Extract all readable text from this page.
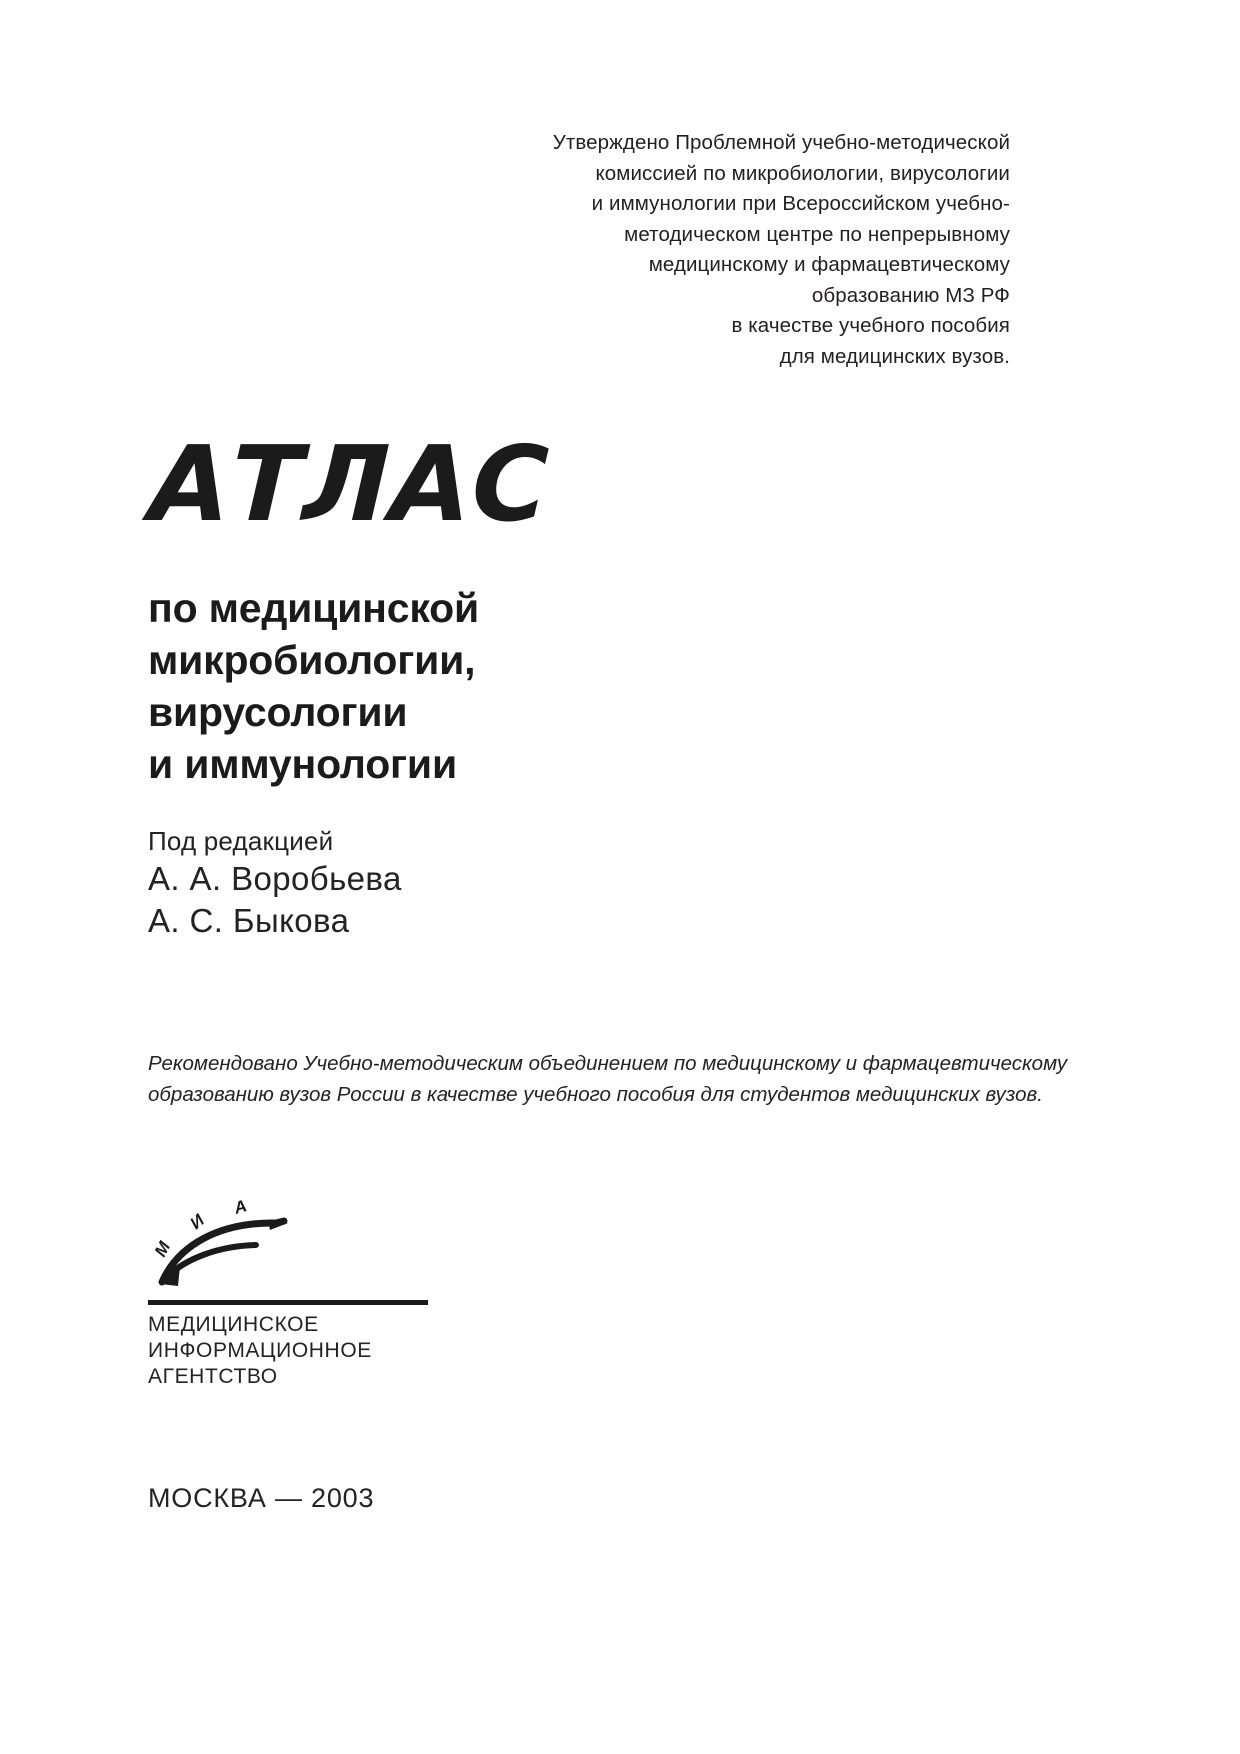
Утверждено Проблемной учебно-методической
комиссией по микробиологии, вирусологии
и иммунологии при Всероссийском учебно-
методическом центре по непрерывному
медицинскому и фармацевтическому
образованию МЗ РФ
в качестве учебного пособия
для медицинских вузов.
АТЛАС
по медицинской
микробиологии,
вирусологии
и иммунологии
Под редакцией
А. А. Воробьева
А. С. Быкова
Рекомендовано Учебно-методическим объединением по медицинскому и фармацевтическому
образованию вузов России в качестве учебного пособия для студентов медицинских вузов.
М
И
А
МЕДИЦИНСКОЕ
ИНФОРМАЦИОННОЕ
АГЕНТСТВО
МОСКВА — 2003
